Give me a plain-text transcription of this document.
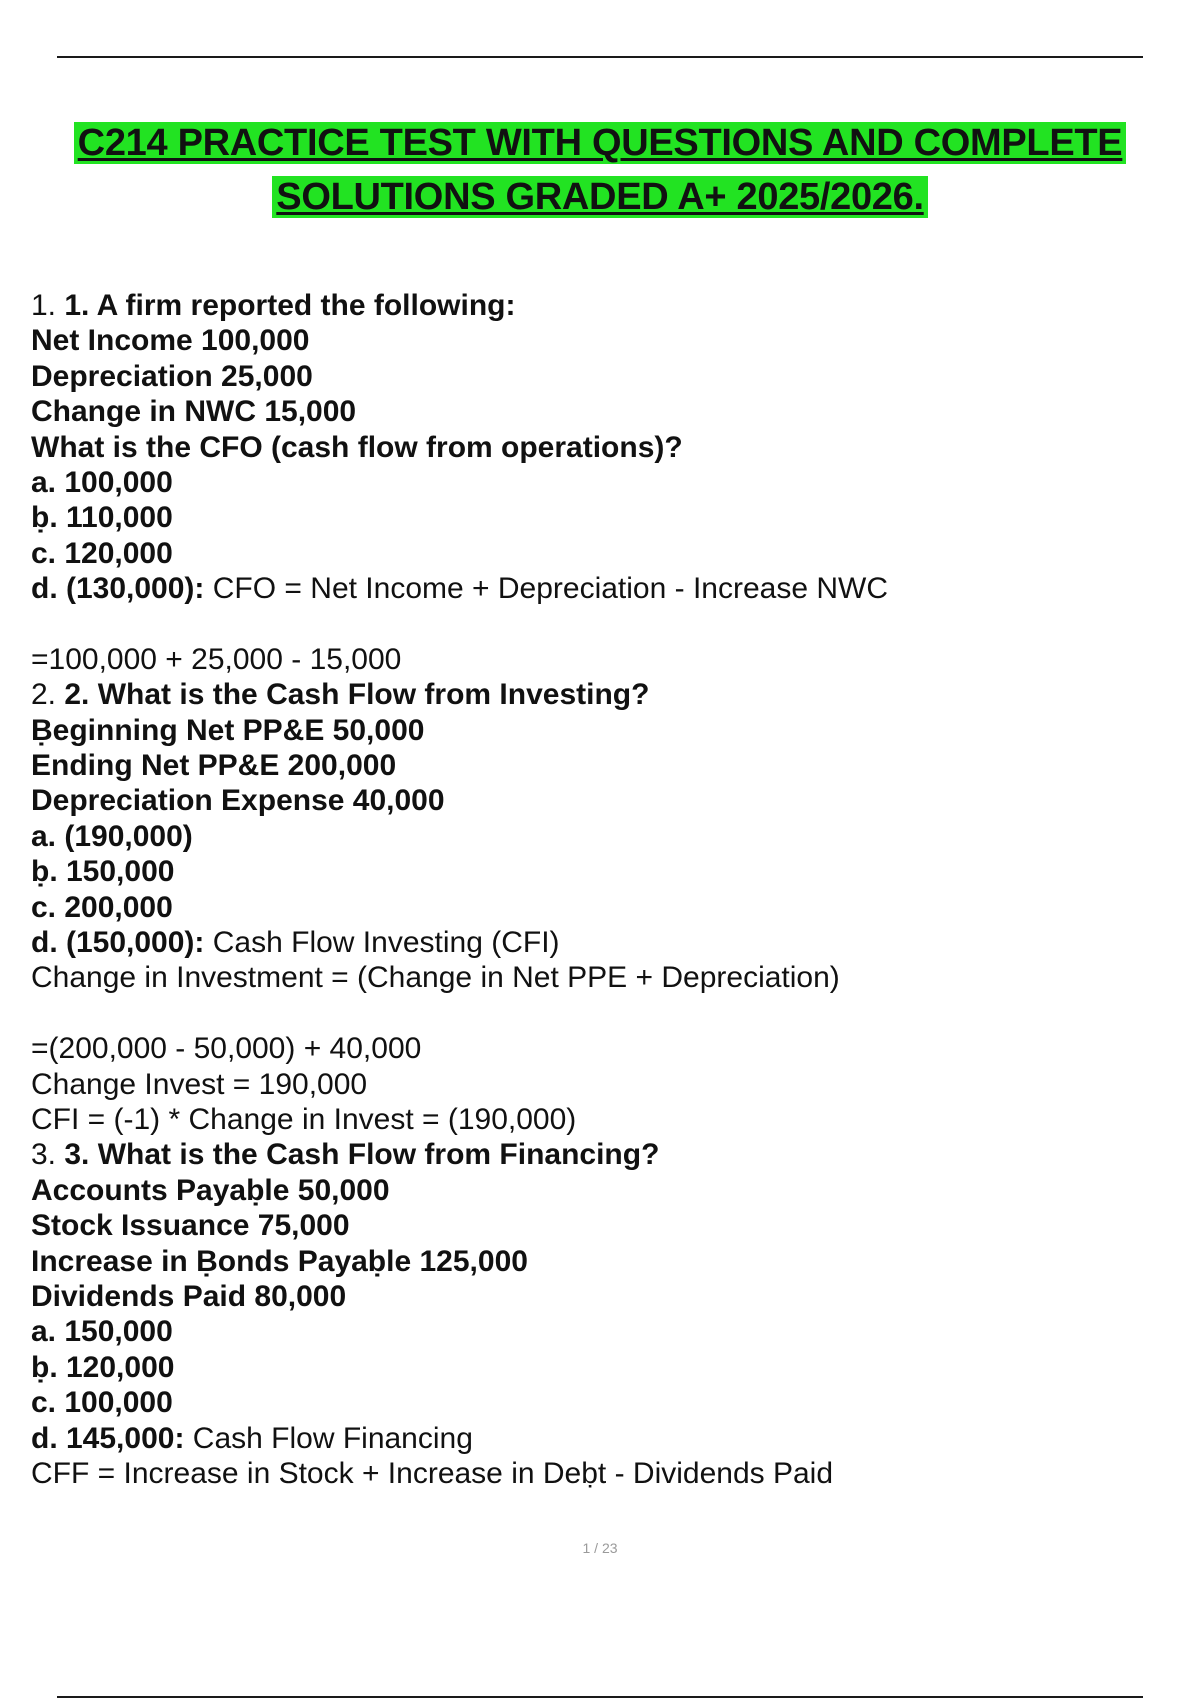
C214 PRACTICE TEST WITH QUESTIONS AND COMPLETE
SOLUTIONS GRADED A+ 2025/2026.
1. 1. A firm reported the following:
Net Income 100,000
Depreciation 25,000
Change in NWC 15,000
What is the CFO (cash flow from operations)?
a. 100,000
ḅ. 110,000
c. 120,000
d. (130,000): CFO = Net Income + Depreciation - Increase NWC
=100,000 + 25,000 - 15,000
2. 2. What is the Cash Flow from Investing?
Ḅeginning Net PP&E 50,000
Ending Net PP&E 200,000
Depreciation Expense 40,000
a. (190,000)
ḅ. 150,000
c. 200,000
d. (150,000): Cash Flow Investing (CFI)
Change in Investment = (Change in Net PPE + Depreciation)
=(200,000 - 50,000) + 40,000
Change Invest = 190,000
CFI = (-1) * Change in Invest = (190,000)
3. 3. What is the Cash Flow from Financing?
Accounts Payaḅle 50,000
Stock Issuance 75,000
Increase in Ḅonds Payaḅle 125,000
Dividends Paid 80,000
a. 150,000
ḅ. 120,000
c. 100,000
d. 145,000: Cash Flow Financing
CFF = Increase in Stock + Increase in Deḅt - Dividends Paid
1 / 23
